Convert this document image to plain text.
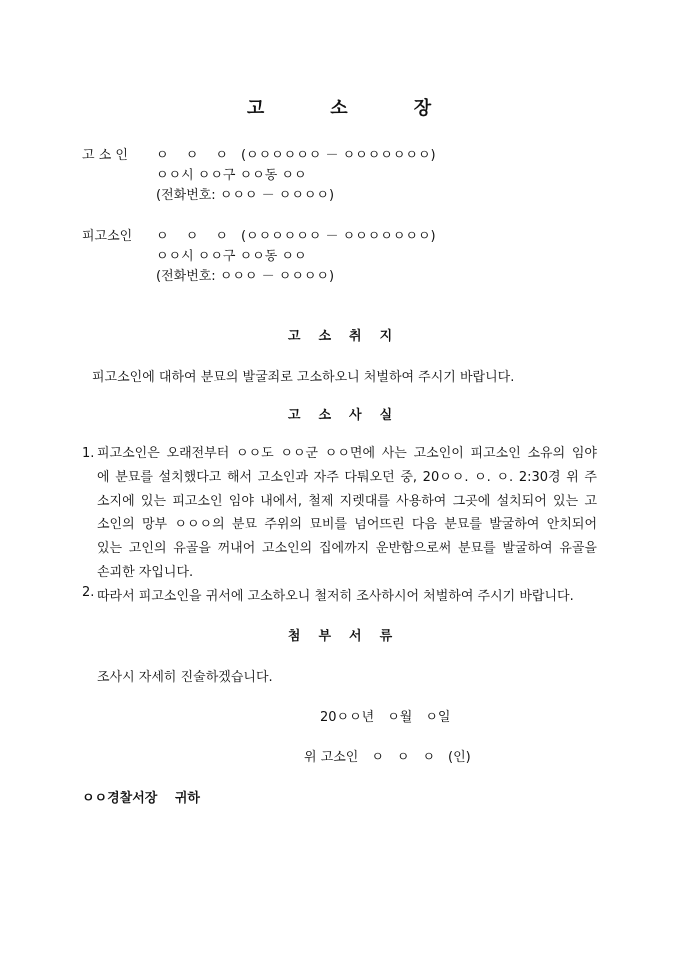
고	소	장
고 소 인 ㅇ　 ㅇ　 ㅇ　(ㅇㅇㅇㅇㅇㅇ － ㅇㅇㅇㅇㅇㅇㅇ)
ㅇㅇ시 ㅇㅇ구 ㅇㅇ동 ㅇㅇ
(전화번호: ㅇㅇㅇ － ㅇㅇㅇㅇ)
피고소인 ㅇ　 ㅇ　 ㅇ　(ㅇㅇㅇㅇㅇㅇ － ㅇㅇㅇㅇㅇㅇㅇ)
ㅇㅇ시 ㅇㅇ구 ㅇㅇ동 ㅇㅇ
(전화번호: ㅇㅇㅇ － ㅇㅇㅇㅇ)
고 소 취 지
피고소인에 대하여 분묘의 발굴죄로 고소하오니 처벌하여 주시기 바랍니다.
고 소 사 실
1. 피고소인은 오래전부터 ㅇㅇ도 ㅇㅇ군 ㅇㅇ면에 사는 고소인이 피고소인 소유의 임야
에 분묘를 설치했다고 해서 고소인과 자주 다퉈오던 중, 20ㅇㅇ. ㅇ. ㅇ. 2:30경 위 주
소지에 있는 피고소인 임야 내에서, 철제 지렛대를 사용하여 그곳에 설치되어 있는 고
소인의 망부 ㅇㅇㅇ의 분묘 주위의 묘비를 넘어뜨린 다음 분묘를 발굴하여 안치되어
있는 고인의 유골을 꺼내어 고소인의 집에까지 운반함으로써 분묘를 발굴하여 유골을
손괴한 자입니다.
2. 따라서 피고소인을 귀서에 고소하오니 철저히 조사하시어 처벌하여 주시기 바랍니다.
첨 부 서 류
조사시 자세히 진술하겠습니다.
20ㅇㅇ년　ㅇ월　ㅇ일
위 고소인　ㅇ　ㅇ　ㅇ　(인)
ㅇㅇ경찰서장　 귀하
